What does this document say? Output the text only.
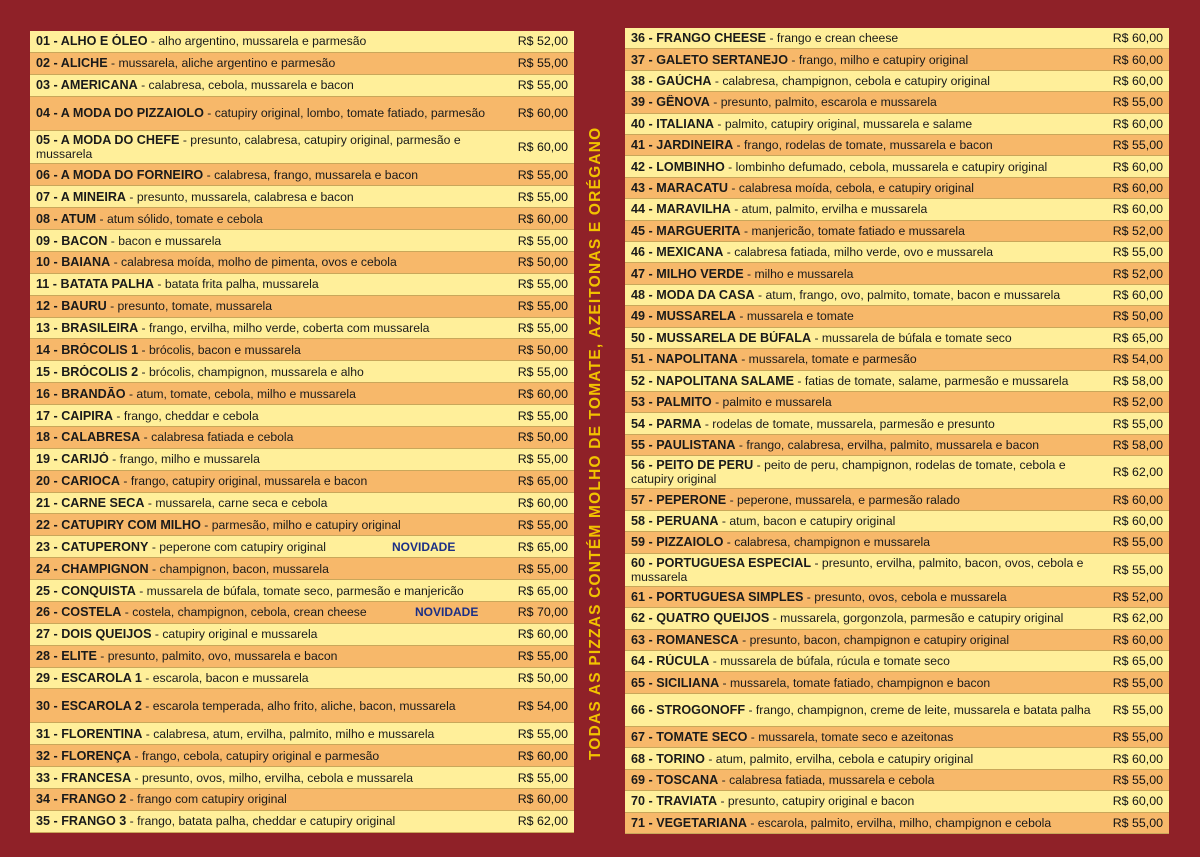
01 - ALHO E ÓLEO - alho argentino, mussarela e parmesão	R$ 52,00
02 - ALICHE - mussarela, aliche argentino e parmesão	R$ 55,00
03 - AMERICANA - calabresa, cebola, mussarela e bacon	R$ 55,00
04 - A MODA DO PIZZAIOLO - catupiry original, lombo, tomate fatiado, parmesão	R$ 60,00
05 - A MODA DO CHEFE - presunto, calabresa, catupiry original, parmesão e mussarela	R$ 60,00
06 - A MODA DO FORNEIRO - calabresa, frango, mussarela e bacon	R$ 55,00
07 - A MINEIRA - presunto, mussarela, calabresa e bacon	R$ 55,00
08 - ATUM - atum sólido, tomate e cebola	R$ 60,00
09 - BACON - bacon e mussarela	R$ 55,00
10 - BAIANA - calabresa moída, molho de pimenta, ovos e cebola	R$ 50,00
11 - BATATA PALHA - batata frita palha, mussarela	R$ 55,00
12 - BAURU - presunto, tomate, mussarela	R$ 55,00
13 - BRASILEIRA - frango, ervilha, milho verde, coberta com mussarela	R$ 55,00
14 - BRÓCOLIS 1 - brócolis, bacon e mussarela	R$ 50,00
15 - BRÓCOLIS 2 - brócolis, champignon, mussarela e alho	R$ 55,00
16 - BRANDÃO - atum, tomate, cebola, milho e mussarela	R$ 60,00
17 - CAIPIRA - frango, cheddar e cebola	R$ 55,00
18 - CALABRESA - calabresa fatiada e cebola	R$ 50,00
19 - CARIJÓ - frango, milho e mussarela	R$ 55,00
20 - CARIOCA - frango, catupiry original, mussarela e bacon	R$ 65,00
21 - CARNE SECA - mussarela, carne seca e cebola	R$ 60,00
22 - CATUPIRY COM MILHO - parmesão, milho e catupiry original	R$ 55,00
23 - CATUPERONY - peperone com catupiry original	R$ 65,00
NOVIDADE
24 - CHAMPIGNON - champignon, bacon, mussarela	R$ 55,00
25 - CONQUISTA - mussarela de búfala, tomate seco, parmesão e manjericão	R$ 65,00
26 - COSTELA - costela, champignon, cebola, crean cheese	R$ 70,00
NOVIDADE
27 - DOIS QUEIJOS - catupiry original e mussarela	R$ 60,00
28 - ELITE - presunto, palmito, ovo, mussarela e bacon	R$ 55,00
29 - ESCAROLA 1 - escarola, bacon e mussarela	R$ 50,00
30 - ESCAROLA 2 - escarola temperada, alho frito, aliche, bacon, mussarela	R$ 54,00
31 - FLORENTINA - calabresa, atum, ervilha, palmito, milho e mussarela	R$ 55,00
32 - FLORENÇA - frango, cebola, catupiry original e parmesão	R$ 60,00
33 - FRANCESA - presunto, ovos, milho, ervilha, cebola e mussarela	R$ 55,00
34 - FRANGO 2 - frango com catupiry original	R$ 60,00
35 - FRANGO 3 - frango, batata palha, cheddar e catupiry original	R$ 62,00
TODAS AS PIZZAS CONTÉM MOLHO DE TOMATE, AZEITONAS E ORÉGANO
36 - FRANGO CHEESE - frango e crean cheese	R$ 60,00
37 - GALETO SERTANEJO - frango, milho e catupiry original	R$ 60,00
38 - GAÚCHA - calabresa, champignon, cebola e catupiry original	R$ 60,00
39 - GÊNOVA - presunto, palmito, escarola e mussarela	R$ 55,00
40 - ITALIANA - palmito, catupiry original, mussarela e salame	R$ 60,00
41 - JARDINEIRA - frango, rodelas de tomate, mussarela e bacon	R$ 55,00
42 - LOMBINHO - lombinho defumado, cebola, mussarela e catupiry original	R$ 60,00
43 - MARACATU - calabresa moída, cebola, e catupiry original	R$ 60,00
44 - MARAVILHA - atum, palmito, ervilha e mussarela	R$ 60,00
45 - MARGUERITA - manjericão, tomate fatiado e mussarela	R$ 52,00
46 - MEXICANA - calabresa fatiada, milho verde, ovo e mussarela	R$ 55,00
47 - MILHO VERDE - milho e mussarela	R$ 52,00
48 - MODA DA CASA - atum, frango, ovo, palmito, tomate, bacon e mussarela	R$ 60,00
49 - MUSSARELA - mussarela e tomate	R$ 50,00
50 - MUSSARELA DE BÚFALA - mussarela de búfala e tomate seco	R$ 65,00
51 - NAPOLITANA - mussarela, tomate e parmesão	R$ 54,00
52 - NAPOLITANA SALAME - fatias de tomate, salame, parmesão e mussarela	R$ 58,00
53 - PALMITO - palmito e mussarela	R$ 52,00
54 - PARMA - rodelas de tomate, mussarela, parmesão e presunto	R$ 55,00
55 - PAULISTANA - frango, calabresa, ervilha, palmito, mussarela e bacon	R$ 58,00
56 - PEITO DE PERU - peito de peru, champignon, rodelas de tomate, cebola e catupiry original	R$ 62,00
57 - PEPERONE - peperone, mussarela, e parmesão ralado	R$ 60,00
58 - PERUANA - atum, bacon e catupiry original	R$ 60,00
59 - PIZZAIOLO - calabresa, champignon e mussarela	R$ 55,00
60 - PORTUGUESA ESPECIAL - presunto, ervilha, palmito, bacon, ovos, cebola e mussarela	R$ 55,00
61 - PORTUGUESA SIMPLES - presunto, ovos, cebola e mussarela	R$ 52,00
62 - QUATRO QUEIJOS - mussarela, gorgonzola, parmesão e catupiry original	R$ 62,00
63 - ROMANESCA - presunto, bacon, champignon e catupiry original	R$ 60,00
64 - RÚCULA - mussarela de búfala, rúcula e tomate seco	R$ 65,00
65 - SICILIANA - mussarela, tomate fatiado, champignon e bacon	R$ 55,00
66 - STROGONOFF - frango, champignon, creme de leite, mussarela e batata palha	R$ 55,00
67 - TOMATE SECO - mussarela, tomate seco e azeitonas	R$ 55,00
68 - TORINO - atum, palmito, ervilha, cebola e catupiry original	R$ 60,00
69 - TOSCANA - calabresa fatiada, mussarela e cebola	R$ 55,00
70 - TRAVIATA - presunto, catupiry original e bacon	R$ 60,00
71 - VEGETARIANA - escarola, palmito, ervilha, milho, champignon e cebola	R$ 55,00
